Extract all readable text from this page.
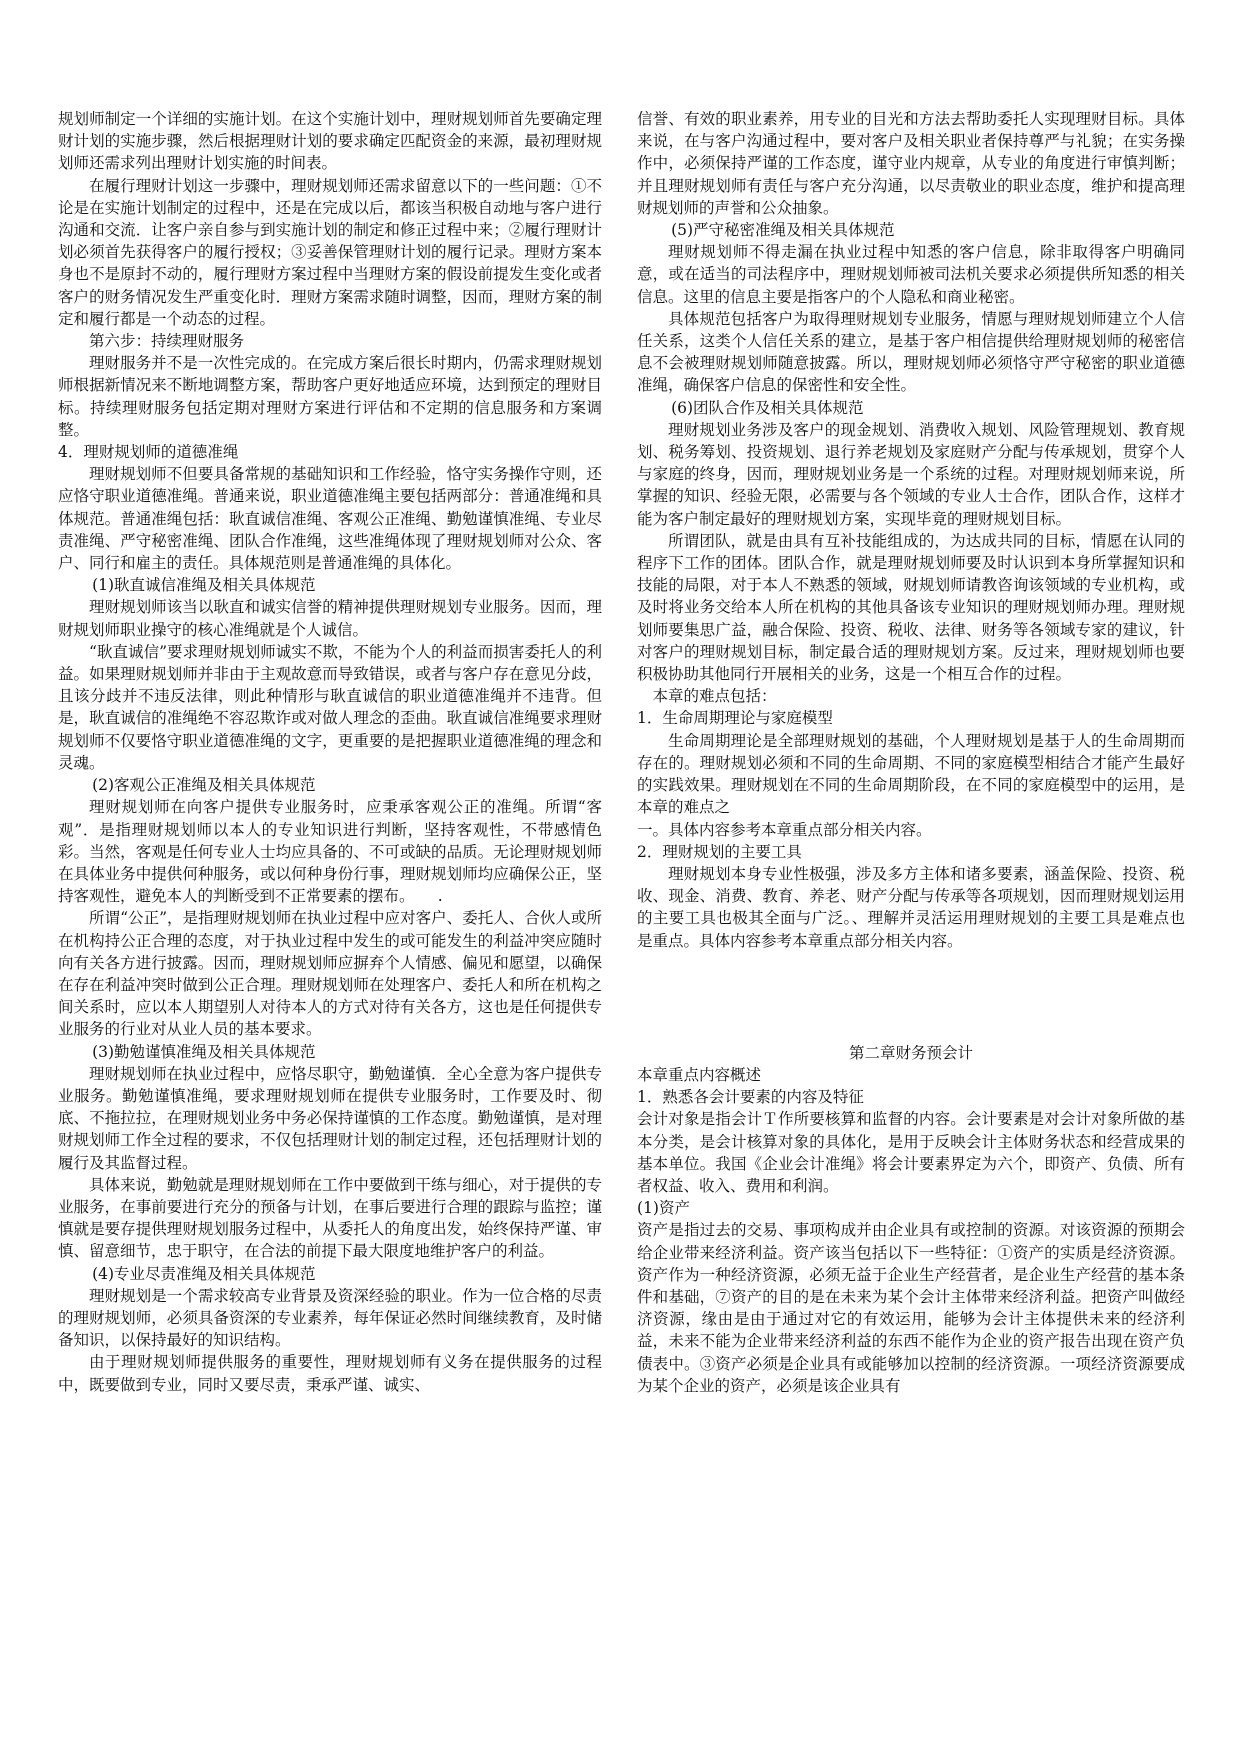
规划师制定一个详细的实施计划。在这个实施计划中，理财规划师首先要确定理财计划的实施步骤，然后根据理财计划的要求确定匹配资金的来源，最初理财规划师还需求列出理财计划实施的时间表。

在履行理财计划这一步骤中，理财规划师还需求留意以下的一些问题：①不论是在实施计划制定的过程中，还是在完成以后，都该当积极自动地与客户进行沟通和交流．让客户亲自参与到实施计划的制定和修正过程中来；②履行理财计划必须首先获得客户的履行授权；③妥善保管理财计划的履行记录。理财方案本身也不是原封不动的，履行理财方案过程中当理财方案的假设前提发生变化或者客户的财务情况发生严重变化时．理财方案需求随时调整，因而，理财方案的制定和履行都是一个动态的过程。

第六步：持续理财服务

理财服务并不是一次性完成的。在完成方案后很长时期内，仍需求理财规划师根据新情况来不断地调整方案，帮助客户更好地适应环境，达到预定的理财目标。持续理财服务包括定期对理财方案进行评估和不定期的信息服务和方案调整。

4．理财规划师的道德准绳

理财规划师不但要具备常规的基础知识和工作经验，恪守实务操作守则，还应恪守职业道德准绳。普通来说，职业道德准绳主要包括两部分：普通准绳和具体规范。普通准绳包括：耿直诚信准绳、客观公正准绳、勤勉谨慎准绳、专业尽责准绳、严守秘密准绳、团队合作准绳，这些准绳体现了理财规划师对公众、客户、同行和雇主的责任。具体规范则是普通准绳的具体化。

(1)耿直诚信准绳及相关具体规范

理财规划师该当以耿直和诚实信誉的精神提供理财规划专业服务。因而，理财规划师职业操守的核心准绳就是个人诚信。

“耿直诚信”要求理财规划师诚实不欺，不能为个人的利益而损害委托人的利益。如果理财规划师并非由于主观故意而导致错误，或者与客户存在意见分歧，且该分歧并不违反法律，则此种情形与耿直诚信的职业道德准绳并不违背。但是，耿直诚信的准绳绝不容忍欺诈或对做人理念的歪曲。耿直诚信准绳要求理财规划师不仅要恪守职业道德准绳的文字，更重要的是把握职业道德准绳的理念和灵魂。

(2)客观公正准绳及相关具体规范

理财规划师在向客户提供专业服务时，应秉承客观公正的准绳。所谓“客观”．是指理财规划师以本人的专业知识进行判断，坚持客观性，不带感情色彩。当然，客观是任何专业人士均应具备的、不可或缺的品质。无论理财规划师在具体业务中提供何种服务，或以何种身份行事，理财规划师均应确保公正，坚持客观性，避免本人的判断受到不正常要素的摆布。　　.

所谓“公正”，是指理财规划师在执业过程中应对客户、委托人、合伙人或所在机构持公正合理的态度，对于执业过程中发生的或可能发生的利益冲突应随时向有关各方进行披露。因而，理财规划师应摒弃个人情感、偏见和愿望，以确保在存在利益冲突时做到公正合理。理财规划师在处理客户、委托人和所在机构之间关系时，应以本人期望别人对待本人的方式对待有关各方，这也是任何提供专业服务的行业对从业人员的基本要求。

(3)勤勉谨慎准绳及相关具体规范

理财规划师在执业过程中，应恪尽职守，勤勉谨慎．全心全意为客户提供专业服务。勤勉谨慎准绳，要求理财规划师在提供专业服务时，工作要及时、彻底、不拖拉拉，在理财规划业务中务必保持谨慎的工作态度。勤勉谨慎，是对理财规划师工作全过程的要求，不仅包括理财计划的制定过程，还包括理财计划的履行及其监督过程。

具体来说，勤勉就是理财规划师在工作中要做到干练与细心，对于提供的专业服务，在事前要进行充分的预备与计划，在事后要进行合理的跟踪与监控；谨慎就是要存提供理财规划服务过程中，从委托人的角度出发，始终保持严谨、审慎、留意细节，忠于职守，在合法的前提下最大限度地维护客户的利益。

(4)专业尽责准绳及相关具体规范

理财规划是一个需求较高专业背景及资深经验的职业。作为一位合格的尽责的理财规划师，必须具备资深的专业素养，每年保证必然时间继续教育，及时储备知识，以保持最好的知识结构。

由于理财规划师提供服务的重要性，理财规划师有义务在提供服务的过程中，既要做到专业，同时又要尽责，秉承严谨、诚实、

信誉、有效的职业素养，用专业的目光和方法去帮助委托人实现理财目标。具体来说，在与客户沟通过程中，要对客户及相关职业者保持尊严与礼貌；在实务操作中，必须保持严谨的工作态度，谨守业内规章，从专业的角度进行审慎判断；并且理财规划师有责任与客户充分沟通，以尽责敬业的职业态度，维护和提高理财规划师的声誉和公众抽象。

(5)严守秘密准绳及相关具体规范

理财规划师不得走漏在执业过程中知悉的客户信息，除非取得客户明确同意，或在适当的司法程序中，理财规划师被司法机关要求必须提供所知悉的相关信息。这里的信息主要是指客户的个人隐私和商业秘密。

具体规范包括客户为取得理财规划专业服务，情愿与理财规划师建立个人信任关系，这类个人信任关系的建立，是基于客户相信提供给理财规划师的秘密信息不会被理财规划师随意披露。所以，理财规划师必须恪守严守秘密的职业道德准绳，确保客户信息的保密性和安全性。

(6)团队合作及相关具体规范

理财规划业务涉及客户的现金规划、消费收入规划、风险管理规划、教育规划、税务筹划、投资规划、退行养老规划及家庭财产分配与传承规划，贯穿个人与家庭的终身，因而，理财规划业务是一个系统的过程。对理财规划师来说，所掌握的知识、经验无限，必需要与各个领域的专业人士合作，团队合作，这样才能为客户制定最好的理财规划方案，实现毕竟的理财规划目标。

所谓团队，就是由具有互补技能组成的，为达成共同的目标，情愿在认同的程序下工作的团体。团队合作，就是理财规划师要及时认识到本身所掌握知识和技能的局限，对于本人不熟悉的领域，财规划师请教咨询该领域的专业机构，或及时将业务交给本人所在机构的其他具备该专业知识的理财规划师办理。理财规划师要集思广益，融合保险、投资、税收、法律、财务等各领域专家的建议，针对客户的理财规划目标，制定最合适的理财规划方案。反过来，理财规划师也要积极协助其他同行开展相关的业务，这是一个相互合作的过程。

　本章的难点包括：

1．生命周期理论与家庭模型

生命周期理论是全部理财规划的基础，个人理财规划是基于人的生命周期而存在的。理财规划必须和不同的生命周期、不同的家庭模型相结合才能产生最好的实践效果。理财规划在不同的生命周期阶段，在不同的家庭模型中的运用，是本章的难点之

一。具体内容参考本章重点部分相关内容。

2．理财规划的主要工具

理财规划本身专业性极强，涉及多方主体和诸多要素，涵盖保险、投资、税收、现金、消费、教育、养老、财产分配与传承等各项规划，因而理财规划运用的主要工具也极其全面与广泛。、理解并灵活运用理财规划的主要工具是难点也是重点。具体内容参考本章重点部分相关内容。

第二章财务预会计

本章重点内容概述

1．熟悉各会计要素的内容及特征

会计对象是指会计Ｔ作所要核算和监督的内容。会计要素是对会计对象所做的基本分类，是会计核算对象的具体化，是用于反映会计主体财务状态和经营成果的基本单位。我国《企业会计准绳》将会计要素界定为六个，即资产、负债、所有者权益、收入、费用和利润。

(1)资产

资产是指过去的交易、事项构成并由企业具有或控制的资源。对该资源的预期会给企业带来经济利益。资产该当包括以下一些特征：①资产的实质是经济资源。资产作为一种经济资源，必须无益于企业生产经营者，是企业生产经营的基本条件和基础，⑦资产的目的是在未来为某个会计主体带来经济利益。把资产叫做经济资源，缘由是由于通过对它的有效运用，能够为会计主体提供未来的经济利益，未来不能为企业带来经济利益的东西不能作为企业的资产报告出现在资产负债表中。③资产必须是企业具有或能够加以控制的经济资源。一项经济资源要成为某个企业的资产，必须是该企业具有
